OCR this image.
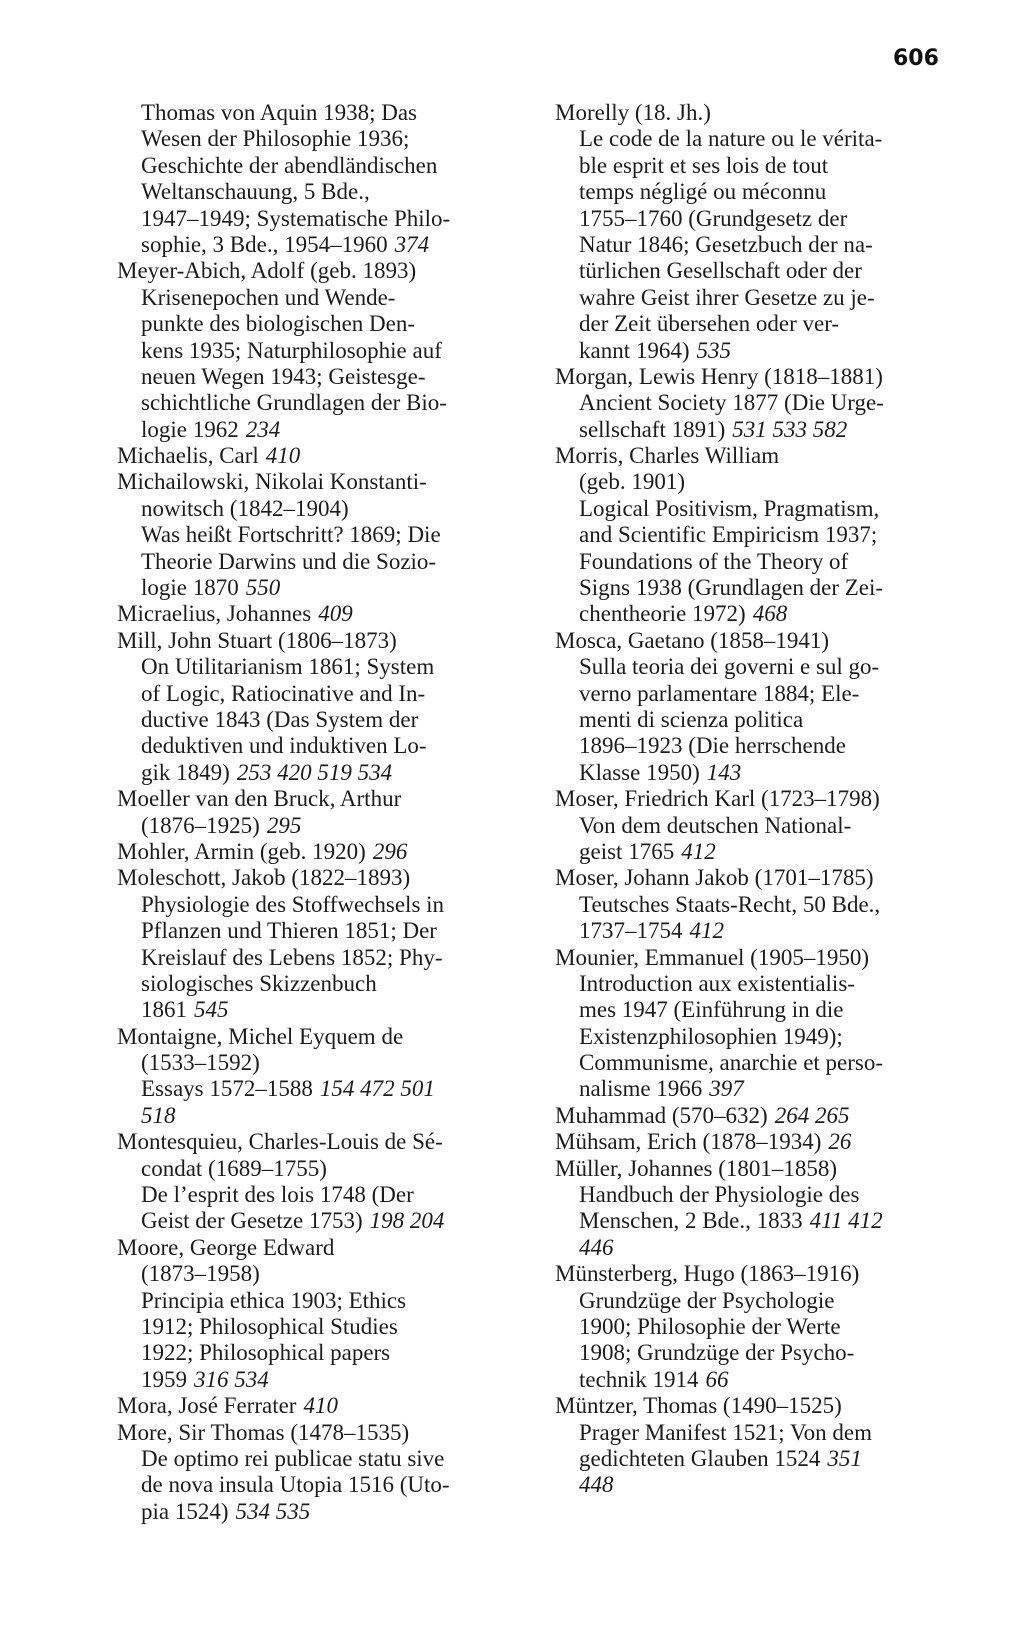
606
Thomas von Aquin 1938; Das
Wesen der Philosophie 1936;
Geschichte der abendländischen
Weltanschauung, 5 Bde.,
1947–1949; Systematische Philo-
sophie, 3 Bde., 1954–1960 374
Meyer-Abich, Adolf (geb. 1893)
Krisenepochen und Wende-
punkte des biologischen Den-
kens 1935; Naturphilosophie auf
neuen Wegen 1943; Geistesge-
schichtliche Grundlagen der Bio-
logie 1962 234
Michaelis, Carl 410
Michailowski, Nikolai Konstanti-
nowitsch (1842–1904)
Was heißt Fortschritt? 1869; Die
Theorie Darwins und die Sozio-
logie 1870 550
Micraelius, Johannes 409
Mill, John Stuart (1806–1873)
On Utilitarianism 1861; System
of Logic, Ratiocinative and In-
ductive 1843 (Das System der
deduktiven und induktiven Lo-
gik 1849) 253 420 519 534
Moeller van den Bruck, Arthur
(1876–1925) 295
Mohler, Armin (geb. 1920) 296
Moleschott, Jakob (1822–1893)
Physiologie des Stoffwechsels in
Pflanzen und Thieren 1851; Der
Kreislauf des Lebens 1852; Phy-
siologisches Skizzenbuch
1861 545
Montaigne, Michel Eyquem de
(1533–1592)
Essays 1572–1588 154 472 501
518
Montesquieu, Charles-Louis de Sé-
condat (1689–1755)
De l’esprit des lois 1748 (Der
Geist der Gesetze 1753) 198 204
Moore, George Edward
(1873–1958)
Principia ethica 1903; Ethics
1912; Philosophical Studies
1922; Philosophical papers
1959 316 534
Mora, José Ferrater 410
More, Sir Thomas (1478–1535)
De optimo rei publicae statu sive
de nova insula Utopia 1516 (Uto-
pia 1524) 534 535
Morelly (18. Jh.)
Le code de la nature ou le vérita-
ble esprit et ses lois de tout
temps négligé ou méconnu
1755–1760 (Grundgesetz der
Natur 1846; Gesetzbuch der na-
türlichen Gesellschaft oder der
wahre Geist ihrer Gesetze zu je-
der Zeit übersehen oder ver-
kannt 1964) 535
Morgan, Lewis Henry (1818–1881)
Ancient Society 1877 (Die Urge-
sellschaft 1891) 531 533 582
Morris, Charles William
(geb. 1901)
Logical Positivism, Pragmatism,
and Scientific Empiricism 1937;
Foundations of the Theory of
Signs 1938 (Grundlagen der Zei-
chentheorie 1972) 468
Mosca, Gaetano (1858–1941)
Sulla teoria dei governi e sul go-
verno parlamentare 1884; Ele-
menti di scienza politica
1896–1923 (Die herrschende
Klasse 1950) 143
Moser, Friedrich Karl (1723–1798)
Von dem deutschen National-
geist 1765 412
Moser, Johann Jakob (1701–1785)
Teutsches Staats-Recht, 50 Bde.,
1737–1754 412
Mounier, Emmanuel (1905–1950)
Introduction aux existentialis-
mes 1947 (Einführung in die
Existenzphilosophien 1949);
Communisme, anarchie et perso-
nalisme 1966 397
Muhammad (570–632) 264 265
Mühsam, Erich (1878–1934) 26
Müller, Johannes (1801–1858)
Handbuch der Physiologie des
Menschen, 2 Bde., 1833 411 412
446
Münsterberg, Hugo (1863–1916)
Grundzüge der Psychologie
1900; Philosophie der Werte
1908; Grundzüge der Psycho-
technik 1914 66
Müntzer, Thomas (1490–1525)
Prager Manifest 1521; Von dem
gedichteten Glauben 1524 351
448
